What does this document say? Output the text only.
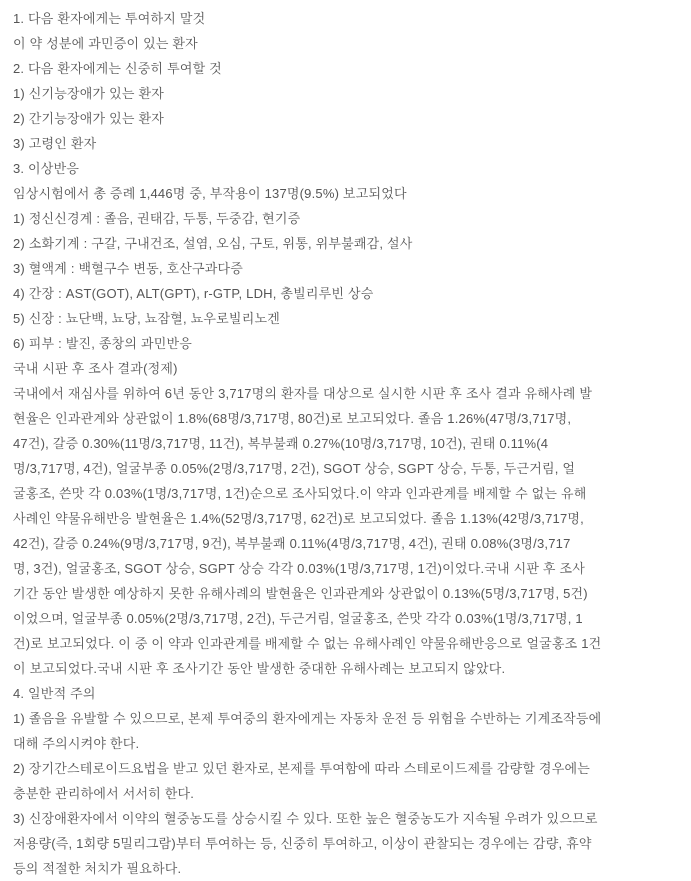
1. 다음 환자에게는 투여하지 말것
이 약 성분에 과민증이 있는 환자
2. 다음 환자에게는 신중히 투여할 것
1) 신기능장애가 있는 환자
2) 간기능장애가 있는 환자
3) 고령인 환자
3. 이상반응
임상시험에서 총 증례 1,446명 중, 부작용이 137명(9.5%) 보고되었다
1) 정신신경계 : 졸음, 권태감, 두통, 두중감, 현기증
2) 소화기계 : 구갈, 구내건조, 설염, 오심, 구토, 위통, 위부불쾌감, 설사
3) 혈액계 : 백혈구수 변동, 호산구과다증
4) 간장 : AST(GOT), ALT(GPT), r-GTP, LDH, 총빌리루빈 상승
5) 신장 : 뇨단백, 뇨당, 뇨잠혈, 뇨우로빌리노겐
6) 피부 : 발진, 종창의 과민반응
국내 시판 후 조사 결과(정제)
국내에서 재심사를 위하여 6년 동안 3,717명의 환자를 대상으로 실시한 시판 후 조사 결과 유해사례 발
현율은 인과관계와 상관없이 1.8%(68명/3,717명, 80건)로 보고되었다. 졸음 1.26%(47명/3,717명,
47건), 갈증 0.30%(11명/3,717명, 11건), 복부불쾌 0.27%(10명/3,717명, 10건), 권태 0.11%(4
명/3,717명, 4건), 얼굴부종 0.05%(2명/3,717명, 2건), SGOT 상승, SGPT 상승, 두통, 두근거림, 얼
굴홍조, 쓴맛 각 0.03%(1명/3,717명, 1건)순으로 조사되었다.이 약과 인과관계를 배제할 수 없는 유해
사례인 약물유해반응 발현율은 1.4%(52명/3,717명, 62건)로 보고되었다. 졸음 1.13%(42명/3,717명,
42건), 갈증 0.24%(9명/3,717명, 9건), 복부불쾌 0.11%(4명/3,717명, 4건), 권태 0.08%(3명/3,717
명, 3건), 얼굴홍조, SGOT 상승, SGPT 상승 각각 0.03%(1명/3,717명, 1건)이었다.국내 시판 후 조사
기간 동안 발생한 예상하지 못한 유해사례의 발현율은 인과관계와 상관없이 0.13%(5명/3,717명, 5건)
이었으며, 얼굴부종 0.05%(2명/3,717명, 2건), 두근거림, 얼굴홍조, 쓴맛 각각 0.03%(1명/3,717명, 1
건)로 보고되었다. 이 중 이 약과 인과관계를 배제할 수 없는 유해사례인 약물유해반응으로 얼굴홍조 1건
이 보고되었다.국내 시판 후 조사기간 동안 발생한 중대한 유해사례는 보고되지 않았다.
4. 일반적 주의
1) 졸음을 유발할 수 있으므로, 본제 투여중의 환자에게는 자동차 운전 등 위험을 수반하는 기계조작등에
대해 주의시켜야 한다.
2) 장기간스테로이드요법을 받고 있던 환자로, 본제를 투여함에 따라 스테로이드제를 감량할 경우에는
충분한 관리하에서 서서히 한다.
3) 신장애환자에서 이약의 혈중농도를 상승시킬 수 있다. 또한 높은 혈중농도가 지속될 우려가 있으므로
저용량(즉, 1회량 5밀리그람)부터 투여하는 등, 신중히 투여하고, 이상이 관찰되는 경우에는 감량, 휴약
등의 적절한 처치가 필요하다.
